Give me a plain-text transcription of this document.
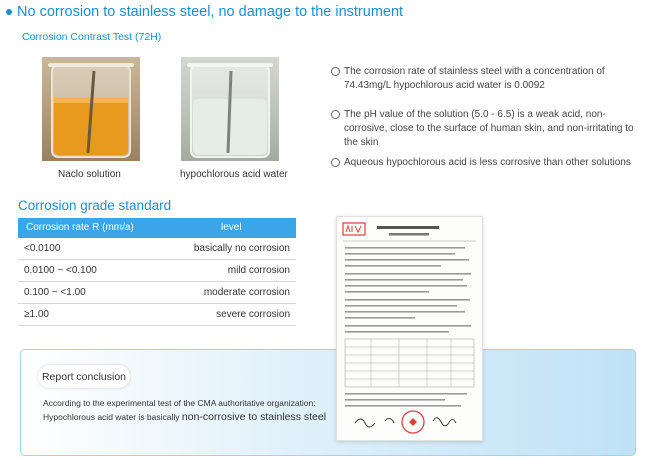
No corrosion to stainless steel, no damage to the instrument
Corrosion Contrast Test (72H)
Naclo solution	hypochlorous acid water
The corrosion rate of stainless steel with a concentration of 74.43mg/L hypochlorous acid water is 0.0092
The pH value of the solution (5.0 - 6.5) is a weak acid, non-corrosive, close to the surface of human skin, and non-irritating to the skin
Aqueous hypochlorous acid is less corrosive than other solutions
Corrosion grade standard
Corrosion rate R (mm/a)	level
<0.0100	basically no corrosion
0.0100 ~ <0.100	mild corrosion
0.100 ~ <1.00	moderate corrosion
≥1.00	severe corrosion
Report conclusion
According to the experimental test of the CMA authoritative organization:
Hypochlorous acid water is basically non-corrosive to stainless steel
